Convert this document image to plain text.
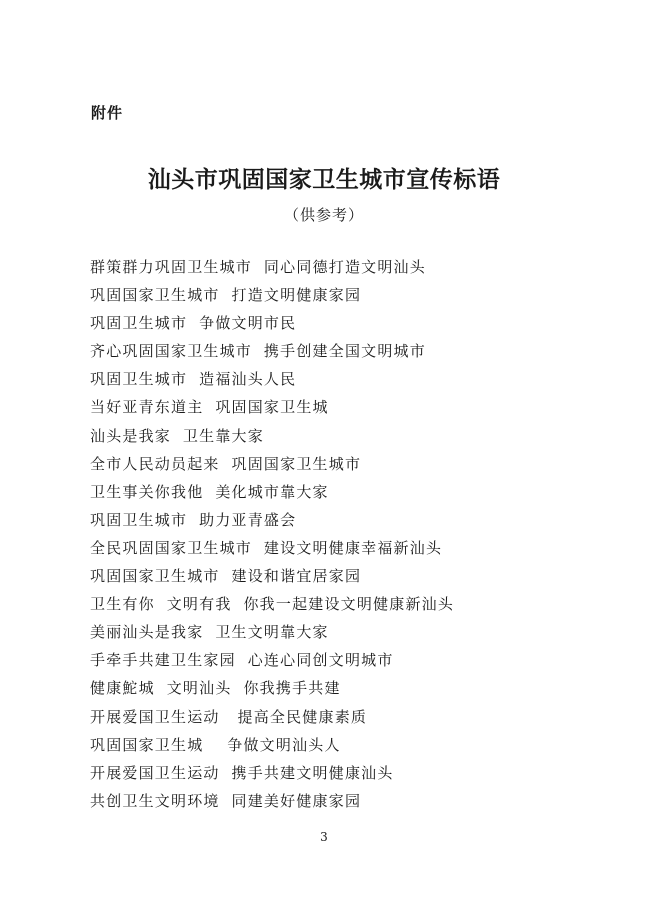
附件
汕头市巩固国家卫生城市宣传标语
（供参考）
群策群力巩固卫生城市  同心同德打造文明汕头
巩固国家卫生城市  打造文明健康家园
巩固卫生城市  争做文明市民
齐心巩固国家卫生城市  携手创建全国文明城市
巩固卫生城市  造福汕头人民
当好亚青东道主  巩固国家卫生城
汕头是我家  卫生靠大家
全市人民动员起来  巩固国家卫生城市
卫生事关你我他  美化城市靠大家
巩固卫生城市  助力亚青盛会
全民巩固国家卫生城市  建设文明健康幸福新汕头
巩固国家卫生城市  建设和谐宜居家园
卫生有你  文明有我  你我一起建设文明健康新汕头
美丽汕头是我家  卫生文明靠大家
手牵手共建卫生家园  心连心同创文明城市
健康鮀城  文明汕头  你我携手共建
开展爱国卫生运动   提高全民健康素质
巩固国家卫生城    争做文明汕头人
开展爱国卫生运动  携手共建文明健康汕头
共创卫生文明环境  同建美好健康家园
3
